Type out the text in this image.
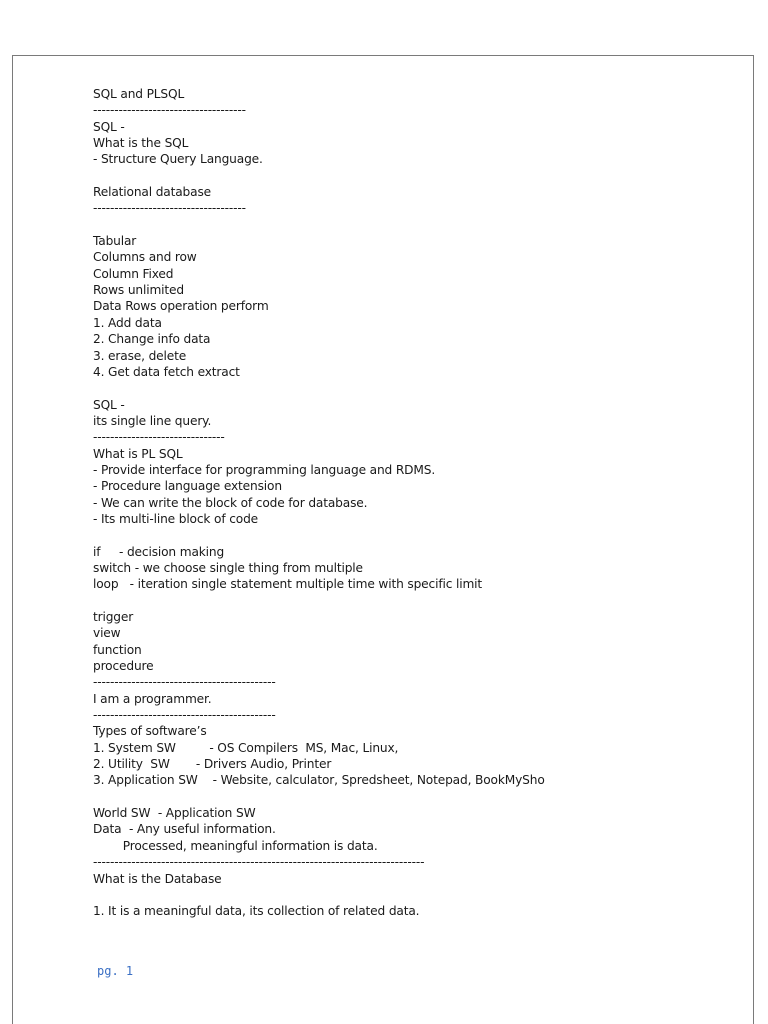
SQL and PLSQL
------------------------------------
SQL -
What is the SQL
- Structure Query Language.
Relational database
------------------------------------
Tabular
Columns and row
Column Fixed
Rows unlimited
Data Rows operation perform
1. Add data
2. Change info data
3. erase, delete
4. Get data fetch extract
SQL -
its single line query.
-------------------------------
What is PL SQL
- Provide interface for programming language and RDMS.
- Procedure language extension
- We can write the block of code for database.
- Its multi-line block of code
if     - decision making
switch - we choose single thing from multiple
loop   - iteration single statement multiple time with specific limit
trigger
view
function
procedure
-------------------------------------------
I am a programmer.
-------------------------------------------
Types of software’s
1. System SW         - OS Compilers  MS, Mac, Linux,
2. Utility  SW       - Drivers Audio, Printer
3. Application SW    - Website, calculator, Spredsheet, Notepad, BookMySho
World SW  - Application SW
Data  - Any useful information.
Processed, meaningful information is data.
------------------------------------------------------------------------------
What is the Database
1. It is a meaningful data, its collection of related data.
pg. 1
